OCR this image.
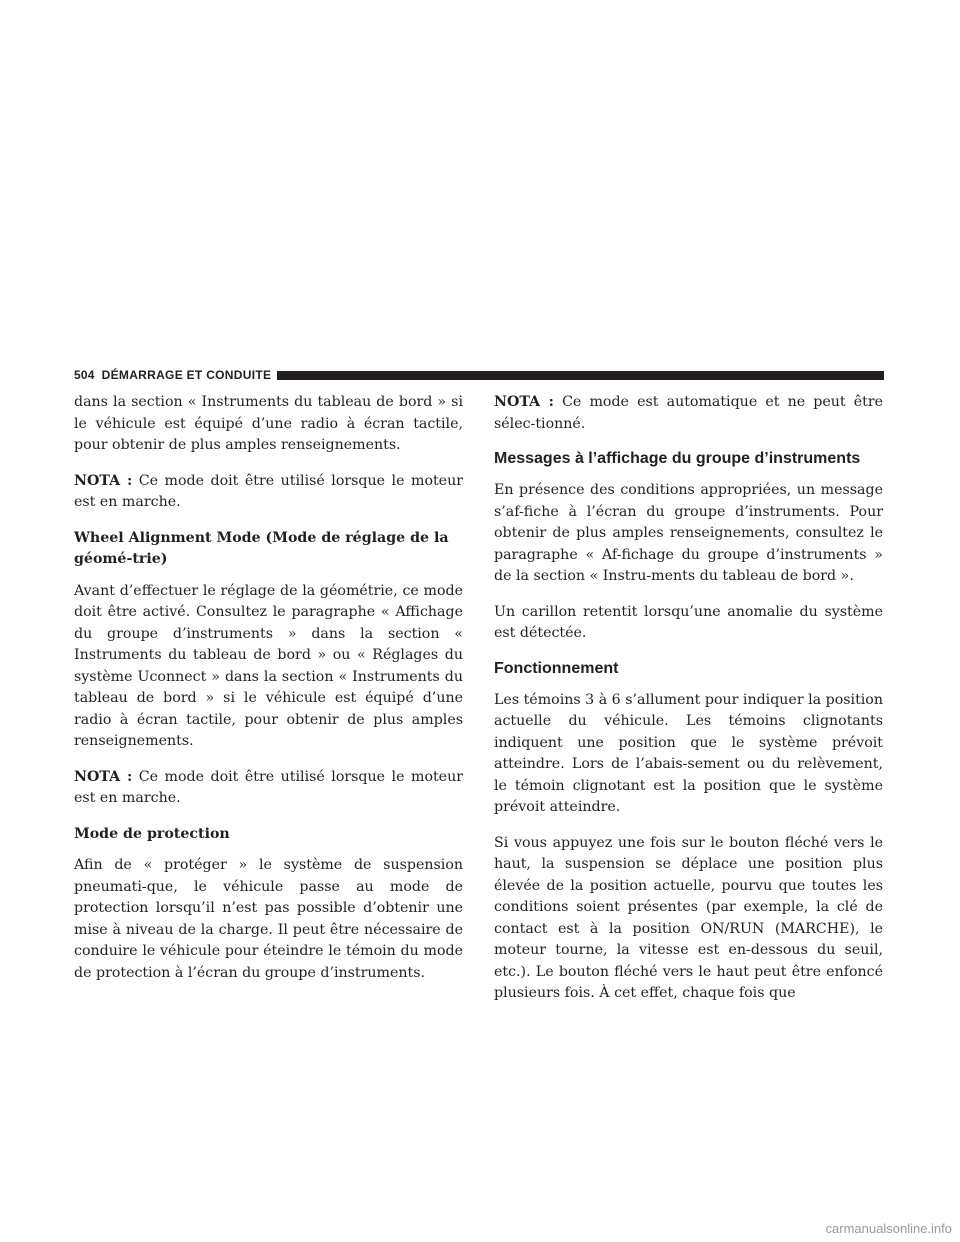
504 DÉMARRAGE ET CONDUITE

dans la section « Instruments du tableau de bord » si le véhicule est équipé d’une radio à écran tactile, pour obtenir de plus amples renseignements.

NOTA : Ce mode doit être utilisé lorsque le moteur est en marche.

Wheel Alignment Mode (Mode de réglage de la géomé-trie)

Avant d’effectuer le réglage de la géométrie, ce mode doit être activé. Consultez le paragraphe « Affichage du groupe d’instruments » dans la section « Instruments du tableau de bord » ou « Réglages du système Uconnect » dans la section « Instruments du tableau de bord » si le véhicule est équipé d’une radio à écran tactile, pour obtenir de plus amples renseignements.

NOTA : Ce mode doit être utilisé lorsque le moteur est en marche.

Mode de protection

Afin de « protéger » le système de suspension pneumati-que, le véhicule passe au mode de protection lorsqu’il n’est pas possible d’obtenir une mise à niveau de la charge. Il peut être nécessaire de conduire le véhicule pour éteindre le témoin du mode de protection à l’écran du groupe d’instruments.

NOTA : Ce mode est automatique et ne peut être sélec-tionné.

Messages à l’affichage du groupe d’instruments

En présence des conditions appropriées, un message s’af-fiche à l’écran du groupe d’instruments. Pour obtenir de plus amples renseignements, consultez le paragraphe « Af-fichage du groupe d’instruments » de la section « Instru-ments du tableau de bord ».

Un carillon retentit lorsqu’une anomalie du système est détectée.

Fonctionnement

Les témoins 3 à 6 s’allument pour indiquer la position actuelle du véhicule. Les témoins clignotants indiquent une position que le système prévoit atteindre. Lors de l’abais-sement ou du relèvement, le témoin clignotant est la position que le système prévoit atteindre.

Si vous appuyez une fois sur le bouton fléché vers le haut, la suspension se déplace une position plus élevée de la position actuelle, pourvu que toutes les conditions soient présentes (par exemple, la clé de contact est à la position ON/RUN (MARCHE), le moteur tourne, la vitesse est en-dessous du seuil, etc.). Le bouton fléché vers le haut peut être enfoncé plusieurs fois. À cet effet, chaque fois que

carmanualsonline.info
